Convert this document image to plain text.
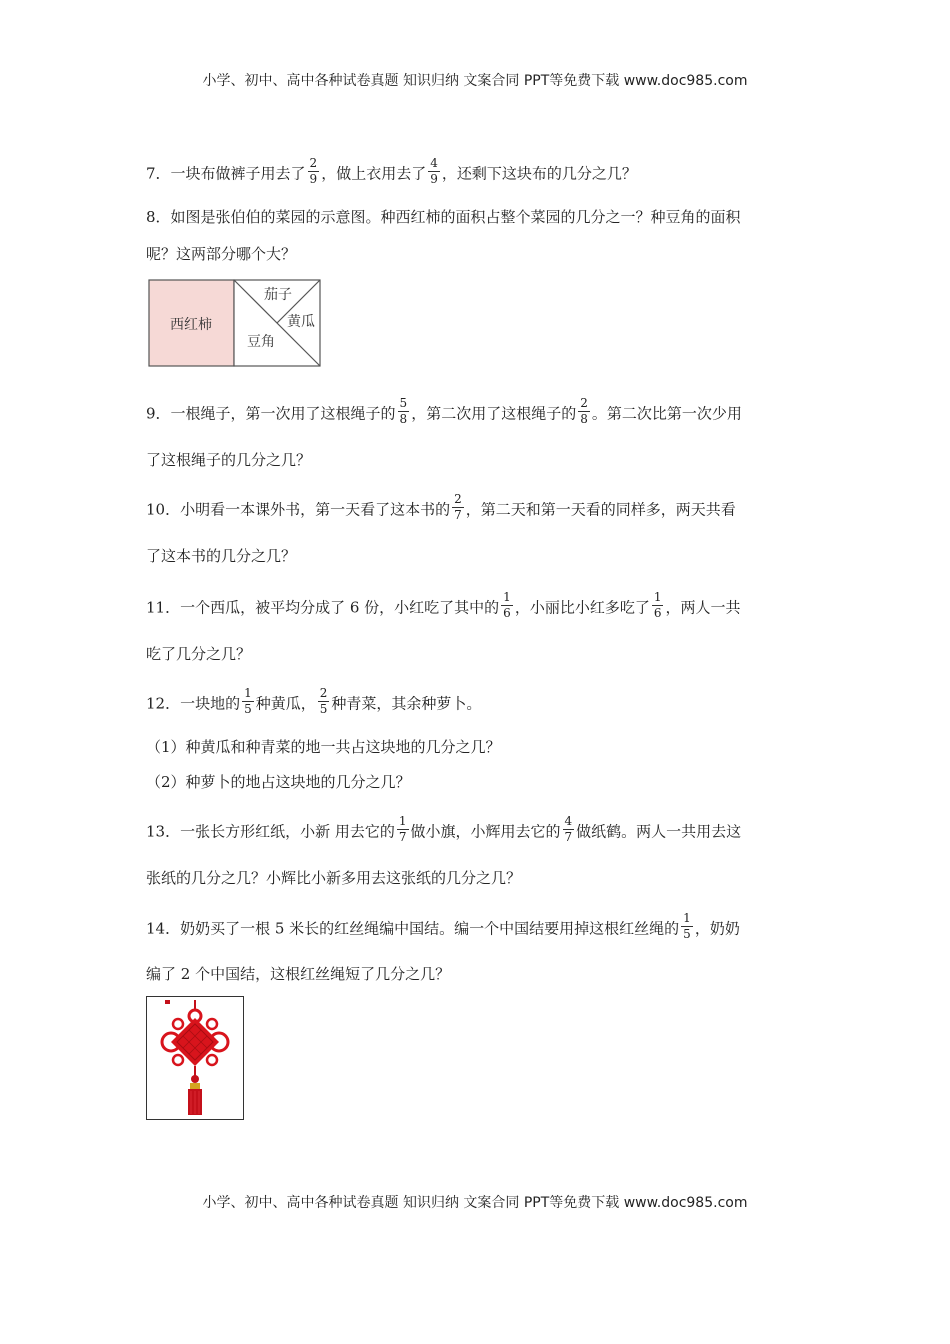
小学、初中、高中各种试卷真题 知识归纳 文案合同 PPT等免费下载 www.doc985.com
7．一块布做裤子用去了 $\frac{2}{9}$ ，做上衣用去了 $\frac{4}{9}$ ，还剩下这块布的几分之几？
8．如图是张伯伯的菜园的示意图。种西红柿的面积占整个菜园的几分之一？种豆角的面积
呢？这两部分哪个大？
西红柿
茄子
黄瓜
豆角
9．一根绳子，第一次用了这根绳子的 $\frac{5}{8}$ ，第二次用了这根绳子的 $\frac{2}{8}$ 。第二次比第一次少用
了这根绳子的几分之几？
10．小明看一本课外书，第一天看了这本书的 $\frac{2}{7}$ ，第二天和第一天看的同样多，两天共看
了这本书的几分之几？
11．一个西瓜，被平均分成了 6 份，小红吃了其中的 $\frac{1}{6}$ ，小丽比小红多吃了 $\frac{1}{6}$ ，两人一共
吃了几分之几？
12．一块地的 $\frac{1}{5}$ 种黄瓜， $\frac{2}{5}$ 种青菜，其余种萝卜。
（1）种黄瓜和种青菜的地一共占这块地的几分之几？
（2）种萝卜的地占这块地的几分之几？
13．一张长方形红纸，小新 用去它的 $\frac{1}{7}$ 做小旗，小辉用去它的 $\frac{4}{7}$ 做纸鹤。两人一共用去这
张纸的几分之几？小辉比小新多用去这张纸的几分之几？
14．奶奶买了一根 5 米长的红丝绳编中国结。编一个中国结要用掉这根红丝绳的 $\frac{1}{5}$ ，奶奶
编了 2 个中国结，这根红丝绳短了几分之几？
小学、初中、高中各种试卷真题 知识归纳 文案合同 PPT等免费下载 www.doc985.com
